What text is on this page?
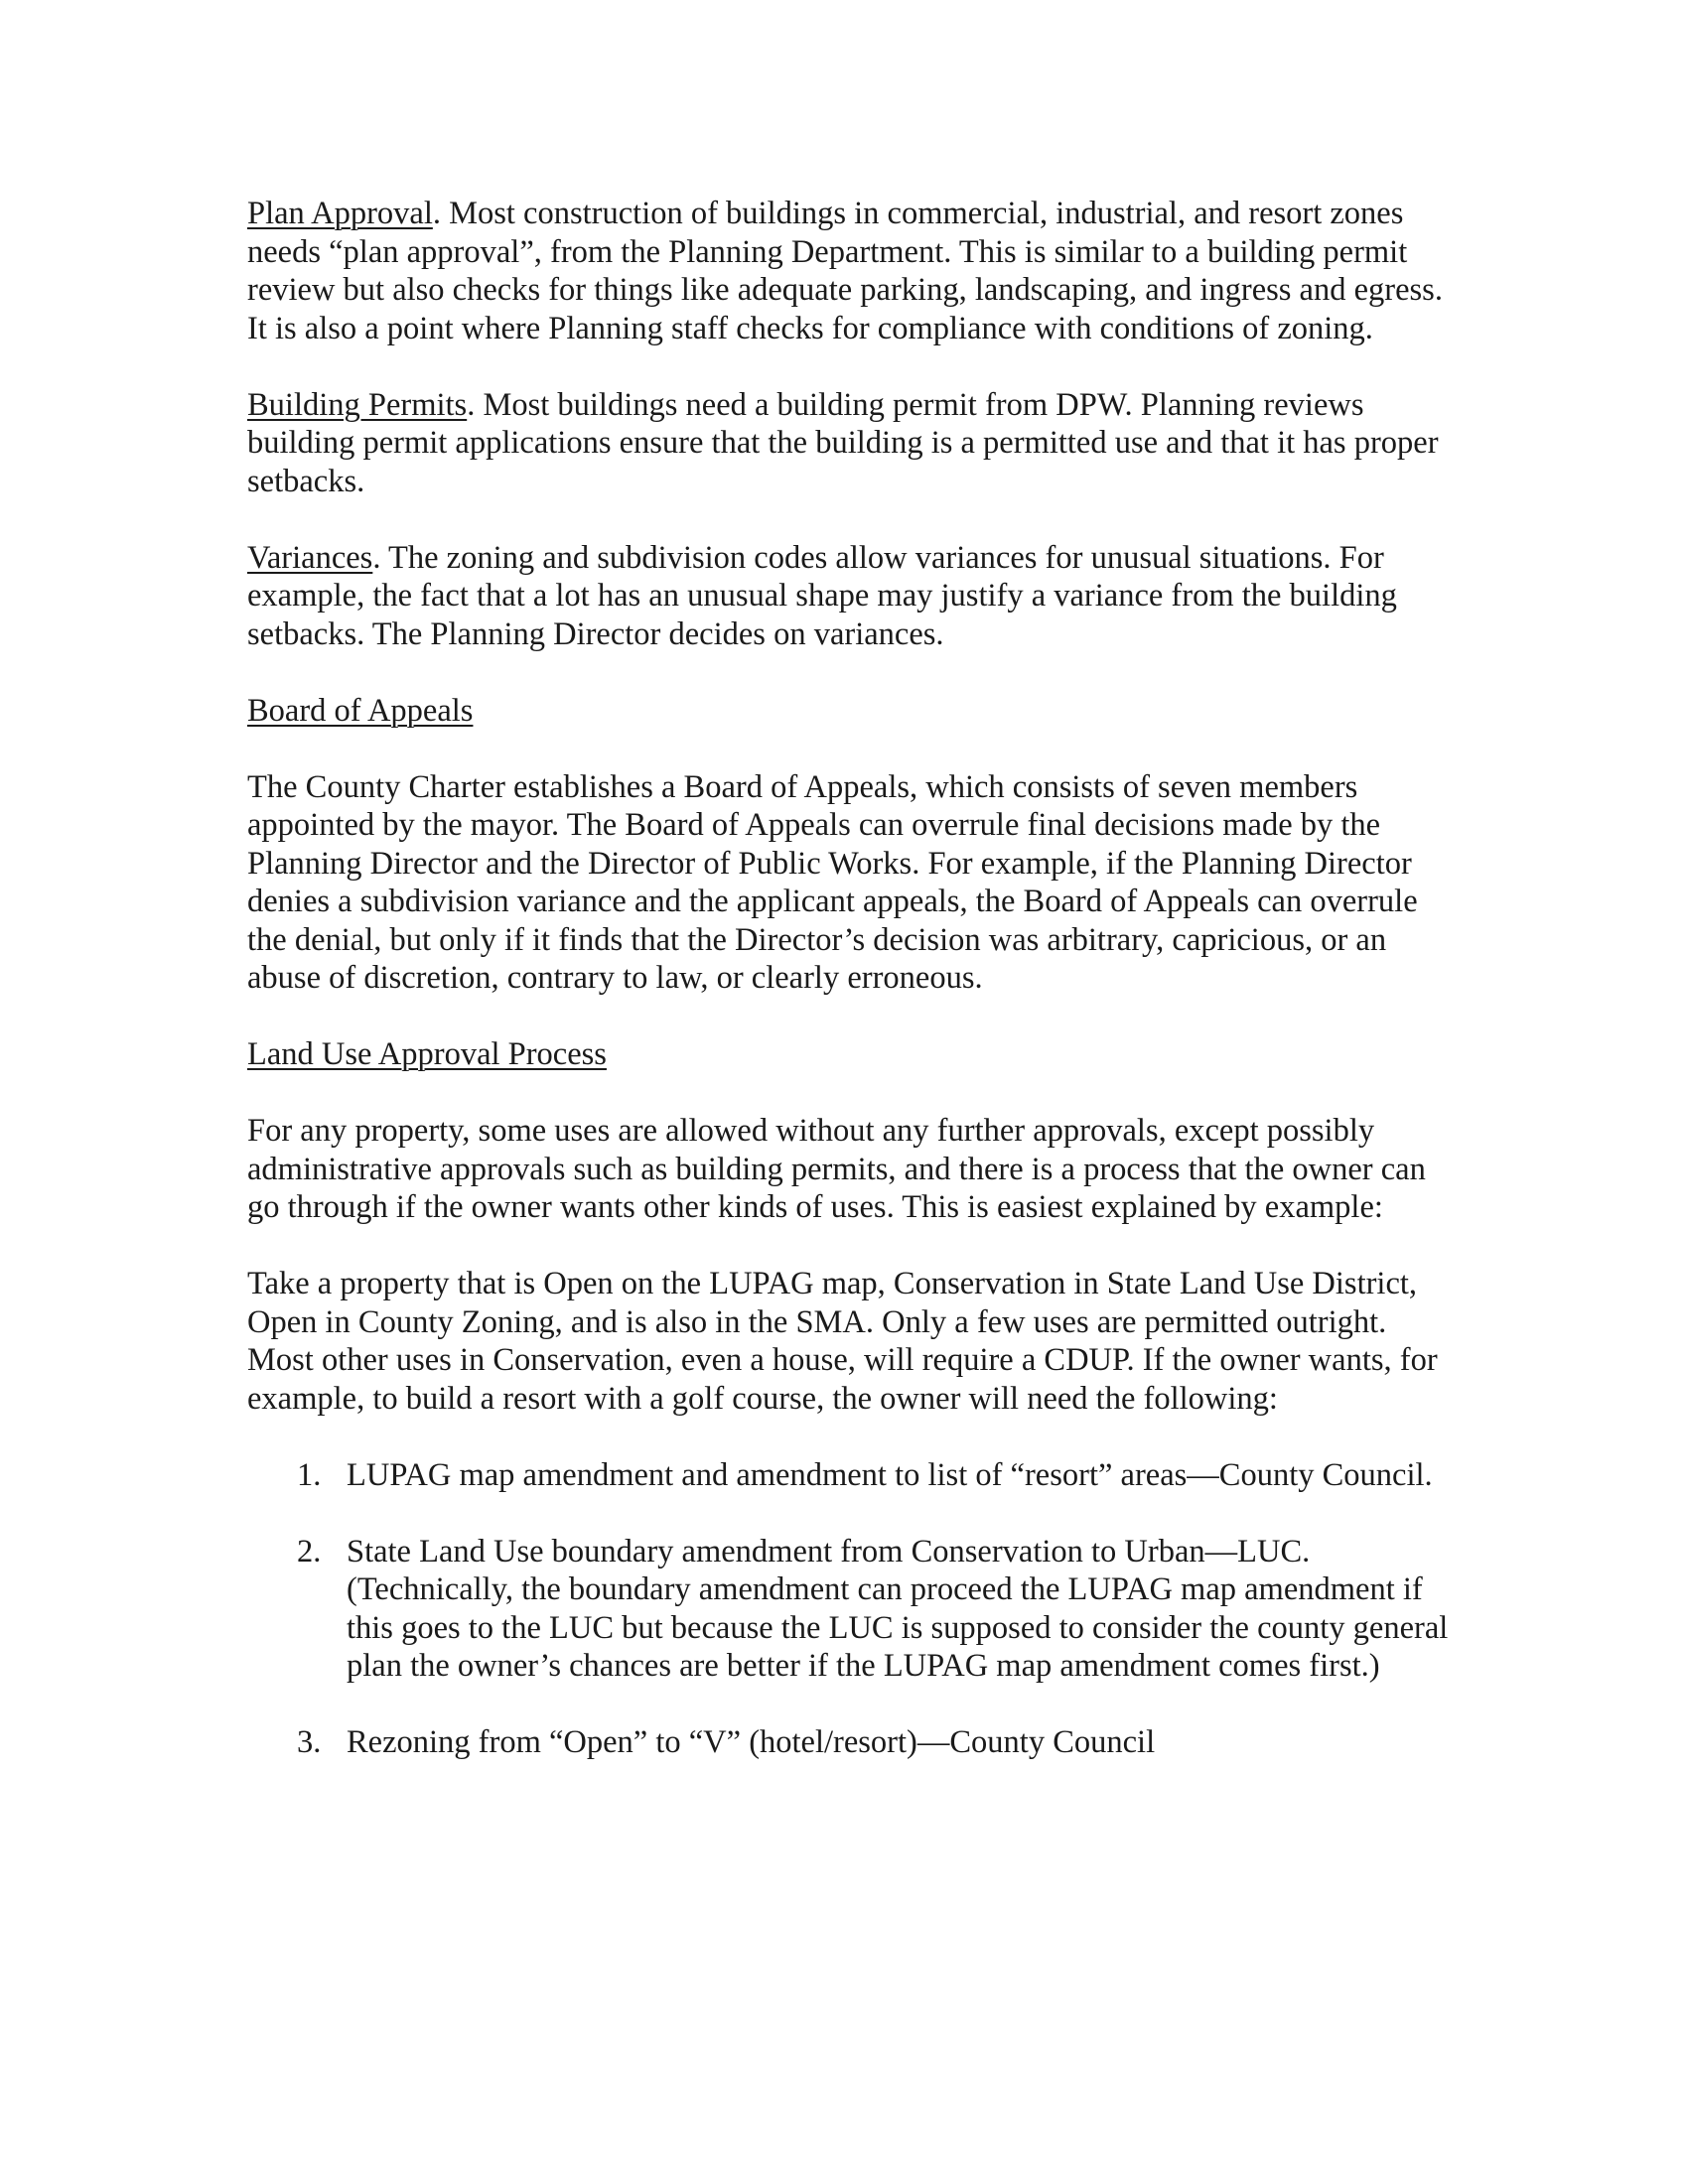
Plan Approval. Most construction of buildings in commercial, industrial, and resort zones needs “plan approval”, from the Planning Department. This is similar to a building permit review but also checks for things like adequate parking, landscaping, and ingress and egress. It is also a point where Planning staff checks for compliance with conditions of zoning.

Building Permits. Most buildings need a building permit from DPW. Planning reviews building permit applications ensure that the building is a permitted use and that it has proper setbacks.

Variances. The zoning and subdivision codes allow variances for unusual situations. For example, the fact that a lot has an unusual shape may justify a variance from the building setbacks. The Planning Director decides on variances.

Board of Appeals

The County Charter establishes a Board of Appeals, which consists of seven members appointed by the mayor. The Board of Appeals can overrule final decisions made by the Planning Director and the Director of Public Works. For example, if the Planning Director denies a subdivision variance and the applicant appeals, the Board of Appeals can overrule the denial, but only if it finds that the Director’s decision was arbitrary, capricious, or an abuse of discretion, contrary to law, or clearly erroneous.

Land Use Approval Process

For any property, some uses are allowed without any further approvals, except possibly administrative approvals such as building permits, and there is a process that the owner can go through if the owner wants other kinds of uses. This is easiest explained by example:

Take a property that is Open on the LUPAG map, Conservation in State Land Use District, Open in County Zoning, and is also in the SMA. Only a few uses are permitted outright. Most other uses in Conservation, even a house, will require a CDUP. If the owner wants, for example, to build a resort with a golf course, the owner will need the following:

1. LUPAG map amendment and amendment to list of “resort” areas—County Council.
2. State Land Use boundary amendment from Conservation to Urban—LUC. (Technically, the boundary amendment can proceed the LUPAG map amendment if this goes to the LUC but because the LUC is supposed to consider the county general plan the owner’s chances are better if the LUPAG map amendment comes first.)
3. Rezoning from “Open” to “V” (hotel/resort)—County Council
